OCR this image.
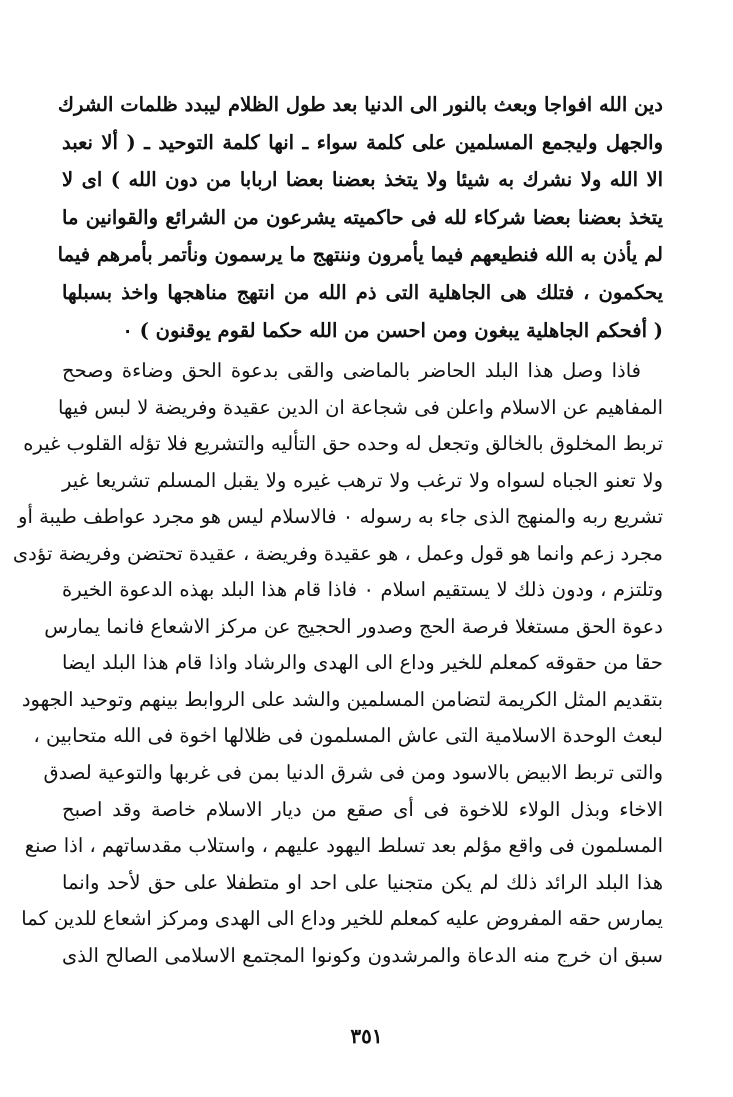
دين الله افواجا وبعث بالنور الى الدنيا بعد طول الظلام ليبدد ظلمات الشرك
والجهل وليجمع المسلمين على كلمة سواء ـ انها كلمة التوحيد ـ ( ألا نعبد
الا الله ولا نشرك به شيئا ولا يتخذ بعضنا بعضا اربابا من دون الله ) اى لا
يتخذ بعضنا بعضا شركاء لله فى حاكميته يشرعون من الشرائع والقوانين ما
لم يأذن به الله فنطيعهم فيما يأمرون وننتهج ما يرسمون ونأتمر بأمرهم فيما
يحكمون ، فتلك هى الجاهلية التى ذم الله من انتهج مناهجها واخذ بسبلها
( أفحكم الجاهلية يبغون ومن احسن من الله حكما لقوم يوقنون ) ٠
فاذا وصل هذا البلد الحاضر بالماضى والقى بدعوة الحق وضاءة وصحح
المفاهيم عن الاسلام واعلن فى شجاعة ان الدين عقيدة وفريضة لا لبس فيها
تربط المخلوق بالخالق وتجعل له وحده حق التأليه والتشريع فلا تؤله القلوب غيره
ولا تعنو الجباه لسواه ولا ترغب ولا ترهب غيره ولا يقبل المسلم تشريعا غير
تشريع ربه والمنهج الذى جاء به رسوله ٠ فالاسلام ليس هو مجرد عواطف طيبة أو
مجرد زعم وانما هو قول وعمل ، هو عقيدة وفريضة ، عقيدة تحتضن وفريضة تؤدى
وتلتزم ، ودون ذلك لا يستقيم اسلام ٠ فاذا قام هذا البلد بهذه الدعوة الخيرة
دعوة الحق مستغلا فرصة الحج وصدور الحجيج عن مركز الاشعاع فانما يمارس
حقا من حقوقه كمعلم للخير وداع الى الهدى والرشاد واذا قام هذا البلد ايضا
بتقديم المثل الكريمة لتضامن المسلمين والشد على الروابط بينهم وتوحيد الجهود
لبعث الوحدة الاسلامية التى عاش المسلمون فى ظلالها اخوة فى الله متحابين ،
والتى تربط الابيض بالاسود ومن فى شرق الدنيا بمن فى غربها والتوعية لصدق
الاخاء وبذل الولاء للاخوة فى أى صقع من ديار الاسلام خاصة وقد اصبح
المسلمون فى واقع مؤلم بعد تسلط اليهود عليهم ، واستلاب مقدساتهم ، اذا صنع
هذا البلد الرائد ذلك لم يكن متجنيا على احد او متطفلا على حق لأحد وانما
يمارس حقه المفروض عليه كمعلم للخير وداع الى الهدى ومركز اشعاع للدين كما
سبق ان خرج منه الدعاة والمرشدون وكونوا المجتمع الاسلامى الصالح الذى
٣٥١
